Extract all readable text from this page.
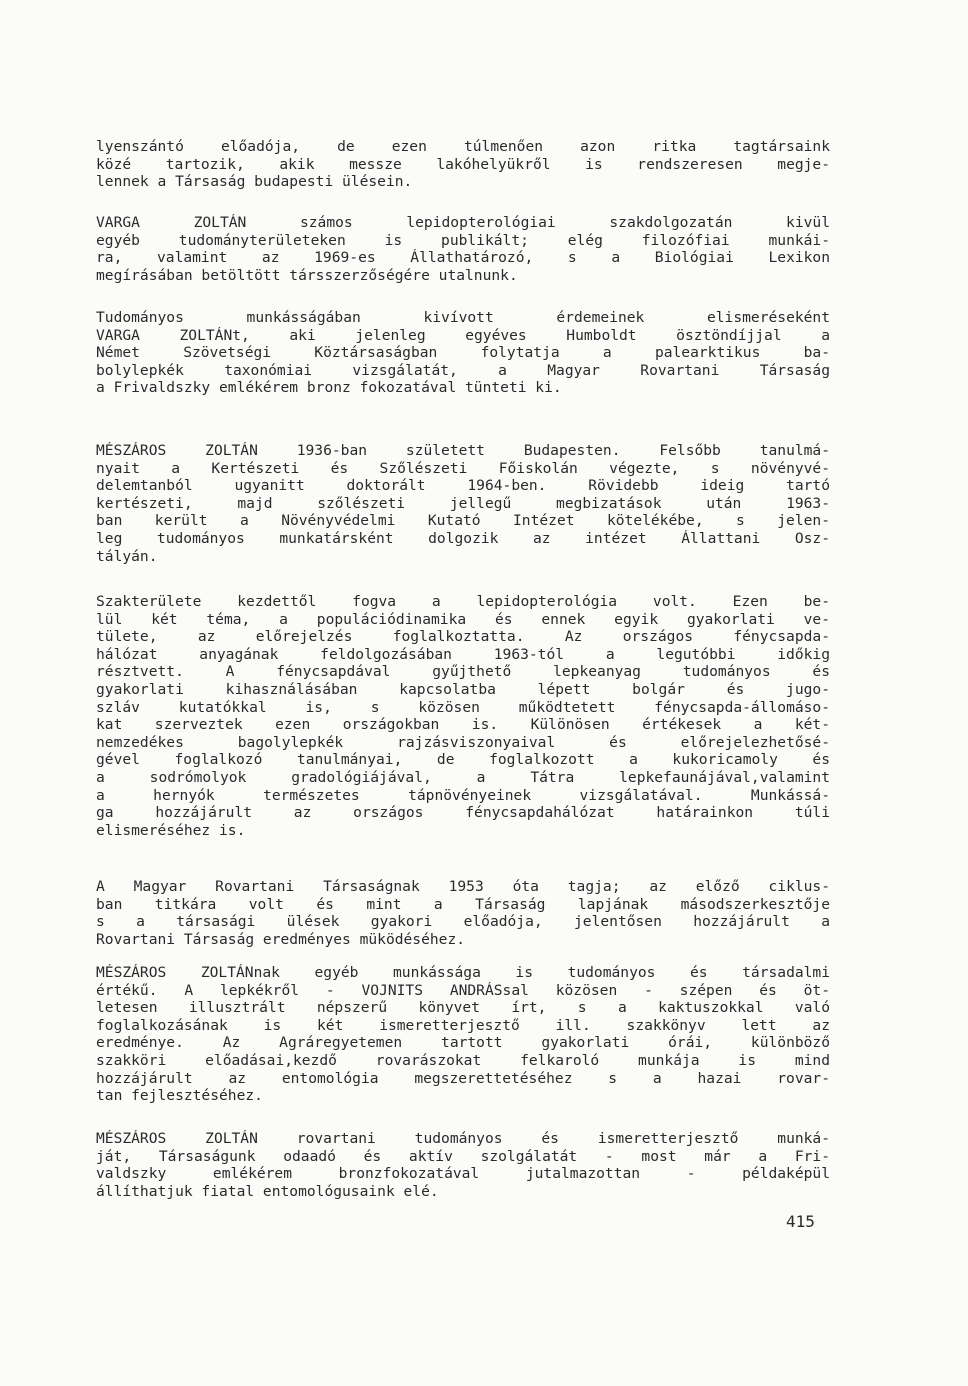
lyenszántó előadója, de ezen túlmenően azon ritka tagtársaink
közé tartozik, akik messze lakóhelyükről is rendszeresen megje-
lennek a Társaság budapesti ülésein.
VARGA ZOLTÁN számos lepidopterológiai szakdolgozatán kivül
egyéb tudományterületeken is publikált; elég filozófiai munkái-
ra, valamint az 1969-es Állathatározó, s a Biológiai Lexikon
megírásában betöltött társszerzőségére utalnunk.
Tudományos munkásságában kivívott érdemeinek elismeréseként
VARGA ZOLTÁNt, aki jelenleg egyéves Humboldt ösztöndíjjal a
Német Szövetségi Köztársaságban folytatja a palearktikus ba-
bolylepkék taxonómiai vizsgálatát, a Magyar Rovartani Társaság
a Frivaldszky emlékérem bronz fokozatával tünteti ki.
MÉSZÁROS ZOLTÁN 1936-ban született Budapesten. Felsőbb tanulmá-
nyait a Kertészeti és Szőlészeti Főiskolán végezte, s növényvé-
delemtanból ugyanitt doktorált 1964-ben. Rövidebb ideig tartó
kertészeti, majd szőlészeti jellegű megbizatások után 1963-
ban került a Növényvédelmi Kutató Intézet kötelékébe, s jelen-
leg tudományos munkatársként dolgozik az intézet Állattani Osz-
tályán.
Szakterülete kezdettől fogva a lepidopterológia volt. Ezen be-
lül két téma, a populációdinamika és ennek egyik gyakorlati ve-
tülete, az előrejelzés foglalkoztatta. Az országos fénycsapda-
hálózat anyagának feldolgozásában 1963-tól a legutóbbi időkig
résztvett. A fénycsapdával gyűjthető lepkeanyag tudományos és
gyakorlati kihasználásában kapcsolatba lépett bolgár és jugo-
szláv kutatókkal is, s közösen működtetett fénycsapda-állomáso-
kat szerveztek ezen országokban is. Különösen értékesek a két-
nemzedékes bagolylepkék rajzásviszonyaival és előrejelezhetősé-
gével foglalkozó tanulmányai, de foglalkozott a kukoricamoly és
a sodrómolyok gradológiájával, a Tátra lepkefaunájával,valamint
a hernyók természetes tápnövényeinek vizsgálatával. Munkássá-
ga hozzájárult az országos fénycsapdahálózat határainkon túli
elismeréséhez is.
A Magyar Rovartani Társaságnak 1953 óta tagja; az előző ciklus-
ban titkára volt és mint a Társaság lapjának másodszerkesztője
s a társasági ülések gyakori előadója, jelentősen hozzájárult a
Rovartani Társaság eredményes müködéséhez.
MÉSZÁROS ZOLTÁNnak egyéb munkássága is tudományos és társadalmi
értékű. A lepkékről - VOJNITS ANDRÁSsal közösen - szépen és öt-
letesen illusztrált népszerű könyvet írt, s a kaktuszokkal való
foglalkozásának is két ismeretterjesztő ill. szakkönyv lett az
eredménye. Az Agráregyetemen tartott gyakorlati órái, különböző
szakköri előadásai,kezdő rovarászokat felkaroló munkája is mind
hozzájárult az entomológia megszerettetéséhez s a hazai rovar-
tan fejlesztéséhez.
MÉSZÁROS ZOLTÁN rovartani tudományos és ismeretterjesztő munká-
ját, Társaságunk odaadó és aktív szolgálatát - most már a Fri-
valdszky emlékérem bronzfokozatával jutalmazottan - példaképül
állíthatjuk fiatal entomológusaink elé.
415
